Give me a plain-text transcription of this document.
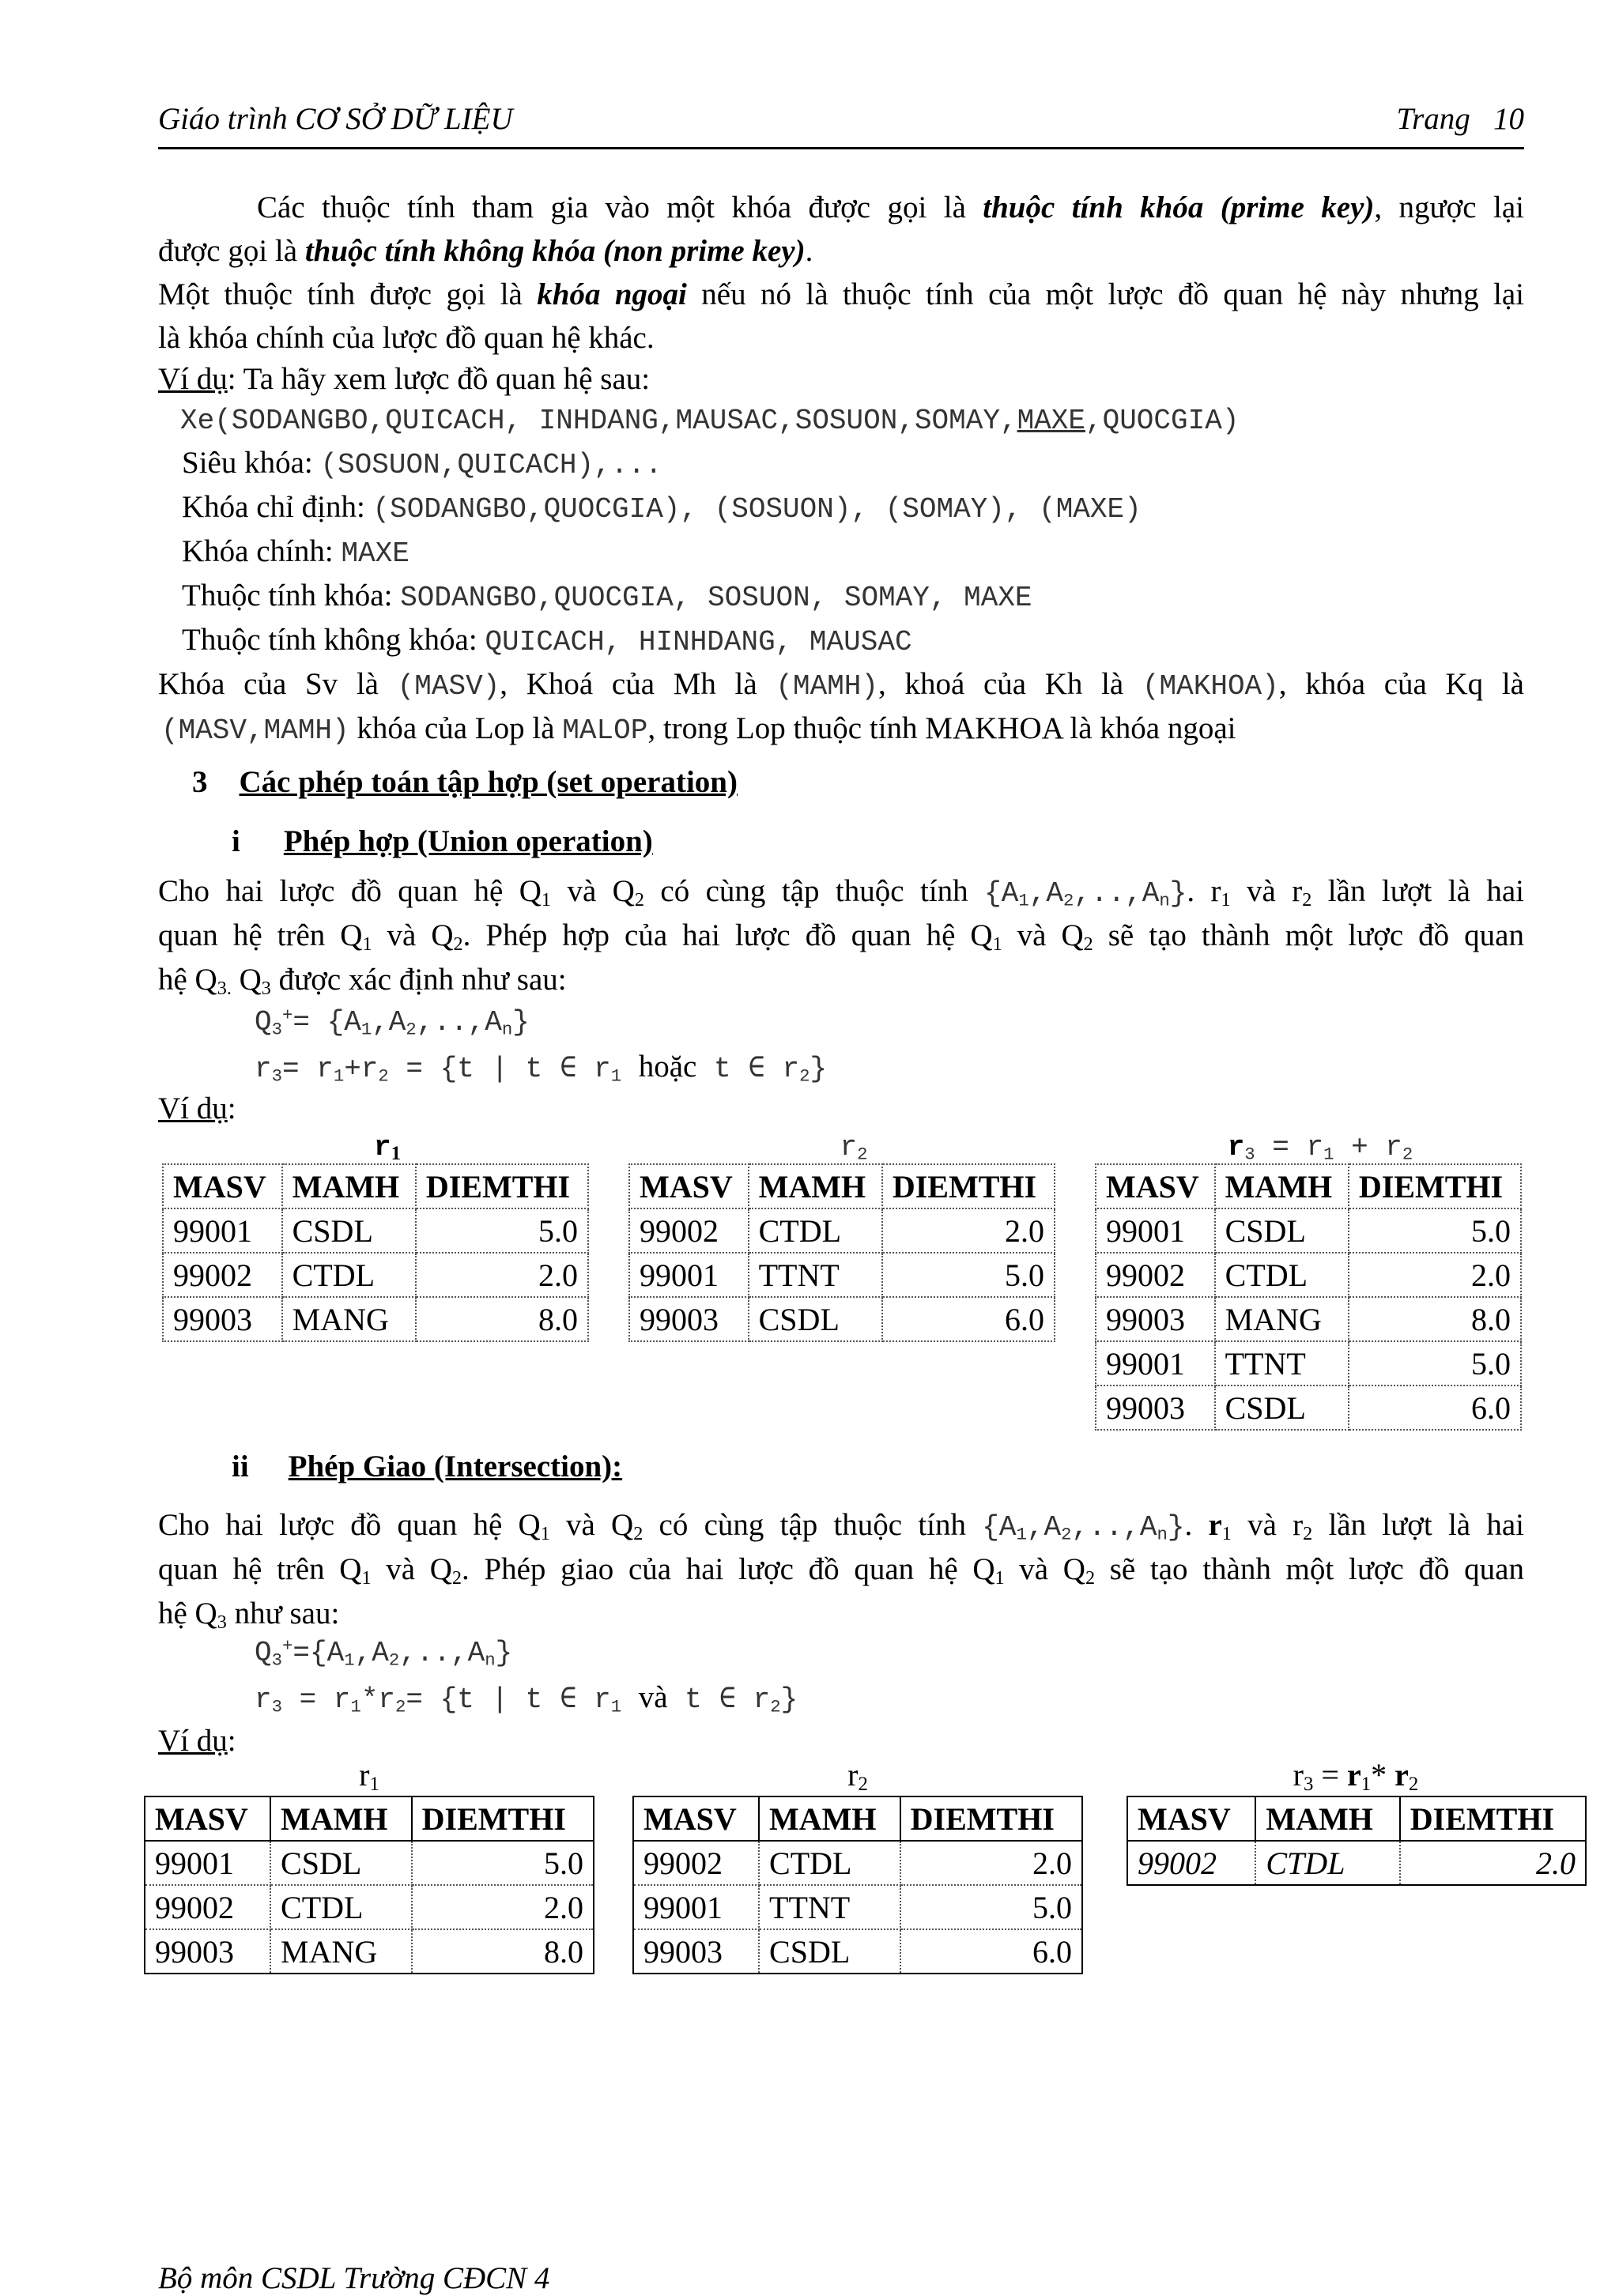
Giáo trình CƠ SỞ DỮ LIỆU	Trang   10
Các thuộc tính tham gia vào một khóa được gọi là thuộc tính khóa (prime key), ngược lại
được gọi là thuộc tính không khóa (non prime key).
Một thuộc tính được gọi là khóa ngoại nếu nó là thuộc tính của một lược đồ quan hệ này nhưng lại
là khóa chính của lược đồ quan hệ khác.
Ví dụ: Ta hãy xem lược đồ quan hệ sau:
Xe(SODANGBO,QUICACH, INHDANG,MAUSAC,SOSUON,SOMAY,MAXE,QUOCGIA)
Siêu khóa: (SOSUON,QUICACH),...
Khóa chỉ định: (SODANGBO,QUOCGIA), (SOSUON), (SOMAY), (MAXE)
Khóa chính: MAXE
Thuộc tính khóa: SODANGBO,QUOCGIA, SOSUON, SOMAY, MAXE
Thuộc tính không khóa: QUICACH, HINHDANG, MAUSAC
Khóa của Sv là (MASV), Khoá của Mh là (MAMH), khoá của Kh là (MAKHOA), khóa của Kq là
(MASV,MAMH) khóa của Lop là MALOP, trong Lop thuộc tính MAKHOA là khóa ngoại
3 Các phép toán tập hợp (set operation)
i Phép hợp (Union operation)
Cho hai lược đồ quan hệ $Q_1$ và $Q_2$ có cùng tập thuộc tính $\{A_1,A_2,..,A_n\}$. $r_1$ và $r_2$ lần lượt là hai
quan hệ trên $Q_1$ và $Q_2$. Phép hợp của hai lược đồ quan hệ $Q_1$ và $Q_2$ sẽ tạo thành một lược đồ quan
hệ $Q_{3.}$ $Q_3$ được xác định như sau:
$Q_3^+= \{A_1,A_2,..,A_n\}$
$r_3= r_1+r_2 = \{t$ | t ∈ $r_1$ hoặc t ∈ $r_2$}
Ví dụ:
$r_1$	$r_2$	$r_3 = r_1 + r_2$
MASV	MAMH	DIEMTHI
99001	CSDL	5.0
99002	CTDL	2.0
99003	MANG	8.0
MASV	MAMH	DIEMTHI
99002	CTDL	2.0
99001	TTNT	5.0
99003	CSDL	6.0
MASV	MAMH	DIEMTHI
99001	CSDL	5.0
99002	CTDL	2.0
99003	MANG	8.0
99001	TTNT	5.0
99003	CSDL	6.0
ii Phép Giao (Intersection):
Cho hai lược đồ quan hệ $Q_1$ và $Q_2$ có cùng tập thuộc tính $\{A_1,A_2,..,A_n\}$. $r_1$ và $r_2$ lần lượt là hai
quan hệ trên $Q_1$ và $Q_2$. Phép giao của hai lược đồ quan hệ $Q_1$ và $Q_2$ sẽ tạo thành một lược đồ quan
hệ $Q_3$ như sau:
$Q_3^+=\{A_1,A_2,..,A_n\}$
$r_3 = r_1*r_2= \{t$ | t ∈ $r_1$ và t ∈ $r_2$}
Ví dụ:
$r_1$	$r_2$	$r_3 = r_1*$ $r_2$
MASV	MAMH	DIEMTHI
99001	CSDL	5.0
99002	CTDL	2.0
99003	MANG	8.0
MASV	MAMH	DIEMTHI
99002	CTDL	2.0
99001	TTNT	5.0
99003	CSDL	6.0
MASV	MAMH	DIEMTHI
99002	CTDL	2.0
Bộ môn CSDL Trường CĐCN 4
